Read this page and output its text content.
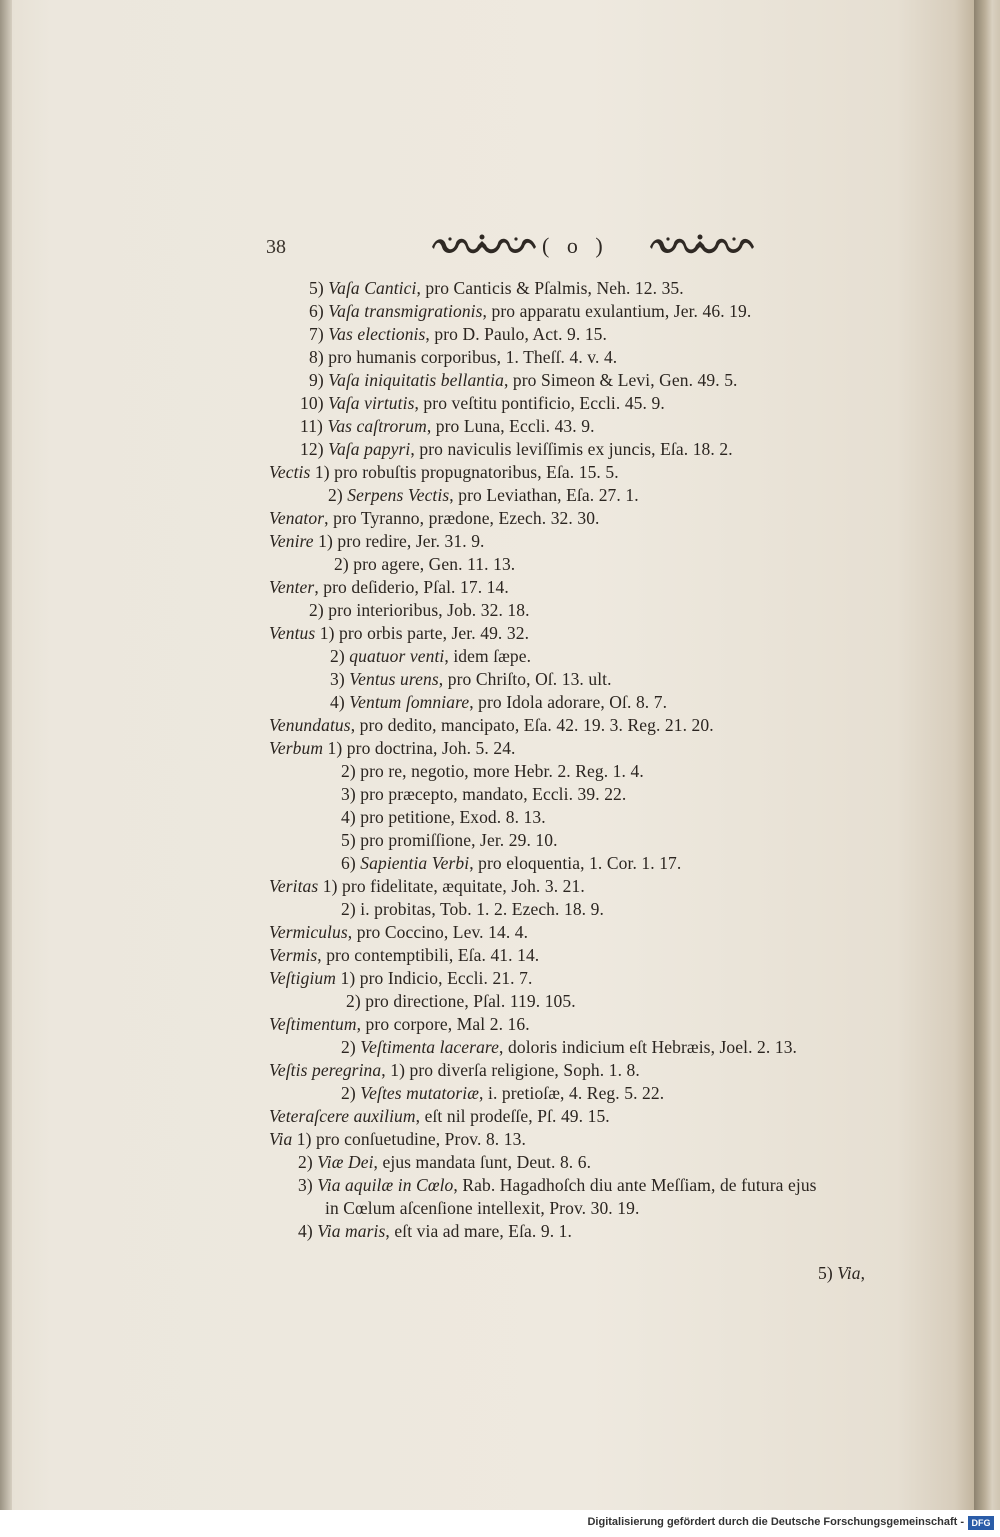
38	( o )
5) Vaſa Cantici, pro Canticis & Pſalmis, Neh. 12. 35.
6) Vaſa transmigrationis, pro apparatu exulantium, Jer. 46. 19.
7) Vas electionis, pro D. Paulo, Act. 9. 15.
8) pro humanis corporibus, 1. Theſſ. 4. v. 4.
9) Vaſa iniquitatis bellantia, pro Simeon & Levi, Gen. 49. 5.
10) Vaſa virtutis, pro veſtitu pontificio, Eccli. 45. 9.
11) Vas caſtrorum, pro Luna, Eccli. 43. 9.
12) Vaſa papyri, pro naviculis leviſſimis ex juncis, Eſa. 18. 2.
Vectis 1) pro robuſtis propugnatoribus, Eſa. 15. 5.
2) Serpens Vectis, pro Leviathan, Eſa. 27. 1.
Venator, pro Tyranno, prædone, Ezech. 32. 30.
Venire 1) pro redire, Jer. 31. 9.
2) pro agere, Gen. 11. 13.
Venter, pro deſiderio, Pſal. 17. 14.
2) pro interioribus, Job. 32. 18.
Ventus 1) pro orbis parte, Jer. 49. 32.
2) quatuor venti, idem ſæpe.
3) Ventus urens, pro Chriſto, Oſ. 13. ult.
4) Ventum ſomniare, pro Idola adorare, Oſ. 8. 7.
Venundatus, pro dedito, mancipato, Eſa. 42. 19. 3. Reg. 21. 20.
Verbum 1) pro doctrina, Joh. 5. 24.
2) pro re, negotio, more Hebr. 2. Reg. 1. 4.
3) pro præcepto, mandato, Eccli. 39. 22.
4) pro petitione, Exod. 8. 13.
5) pro promiſſione, Jer. 29. 10.
6) Sapientia Verbi, pro eloquentia, 1. Cor. 1. 17.
Veritas 1) pro fidelitate, æquitate, Joh. 3. 21.
2) i. probitas, Tob. 1. 2. Ezech. 18. 9.
Vermiculus, pro Coccino, Lev. 14. 4.
Vermis, pro contemptibili, Eſa. 41. 14.
Veſtigium 1) pro Indicio, Eccli. 21. 7.
2) pro directione, Pſal. 119. 105.
Veſtimentum, pro corpore, Mal 2. 16.
2) Veſtimenta lacerare, doloris indicium eſt Hebræis, Joel. 2. 13.
Veſtis peregrina, 1) pro diverſa religione, Soph. 1. 8.
2) Veſtes mutatoriæ, i. pretioſæ, 4. Reg. 5. 22.
Veteraſcere auxilium, eſt nil prodeſſe, Pſ. 49. 15.
Via 1) pro conſuetudine, Prov. 8. 13.
2) Viæ Dei, ejus mandata ſunt, Deut. 8. 6.
3) Via aquilæ in Cœlo, Rab. Hagadhoſch diu ante Meſſiam, de futura ejus
in Cœlum aſcenſione intellexit, Prov. 30. 19.
4) Via maris, eſt via ad mare, Eſa. 9. 1.
5) Via,
Digitalisierung gefördert durch die Deutsche Forschungsgemeinschaft - DFG
